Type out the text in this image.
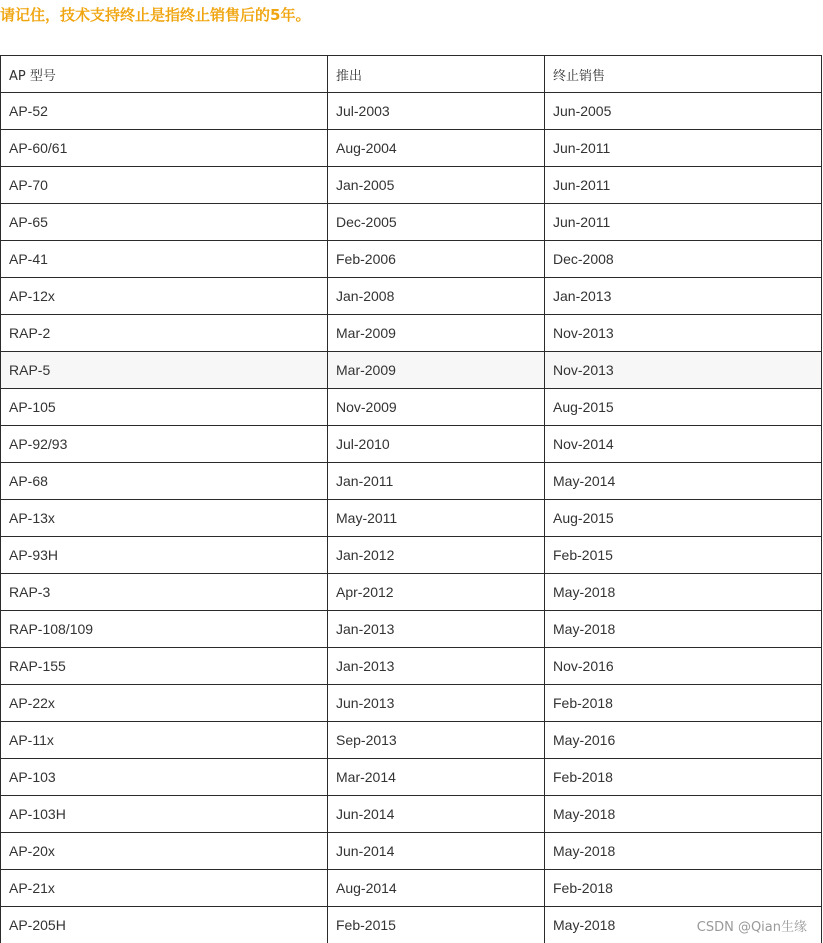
请记住，技术支持终止是指终止销售后的5年。
AP 型号	推出	终止销售
AP-52	Jul-2003	Jun-2005
AP-60/61	Aug-2004	Jun-2011
AP-70	Jan-2005	Jun-2011
AP-65	Dec-2005	Jun-2011
AP-41	Feb-2006	Dec-2008
AP-12x	Jan-2008	Jan-2013
RAP-2	Mar-2009	Nov-2013
RAP-5	Mar-2009	Nov-2013
AP-105	Nov-2009	Aug-2015
AP-92/93	Jul-2010	Nov-2014
AP-68	Jan-2011	May-2014
AP-13x	May-2011	Aug-2015
AP-93H	Jan-2012	Feb-2015
RAP-3	Apr-2012	May-2018
RAP-108/109	Jan-2013	May-2018
RAP-155	Jan-2013	Nov-2016
AP-22x	Jun-2013	Feb-2018
AP-11x	Sep-2013	May-2016
AP-103	Mar-2014	Feb-2018
AP-103H	Jun-2014	May-2018
AP-20x	Jun-2014	May-2018
AP-21x	Aug-2014	Feb-2018
AP-205H	Feb-2015	May-2018	CSDN @Qian生缘
